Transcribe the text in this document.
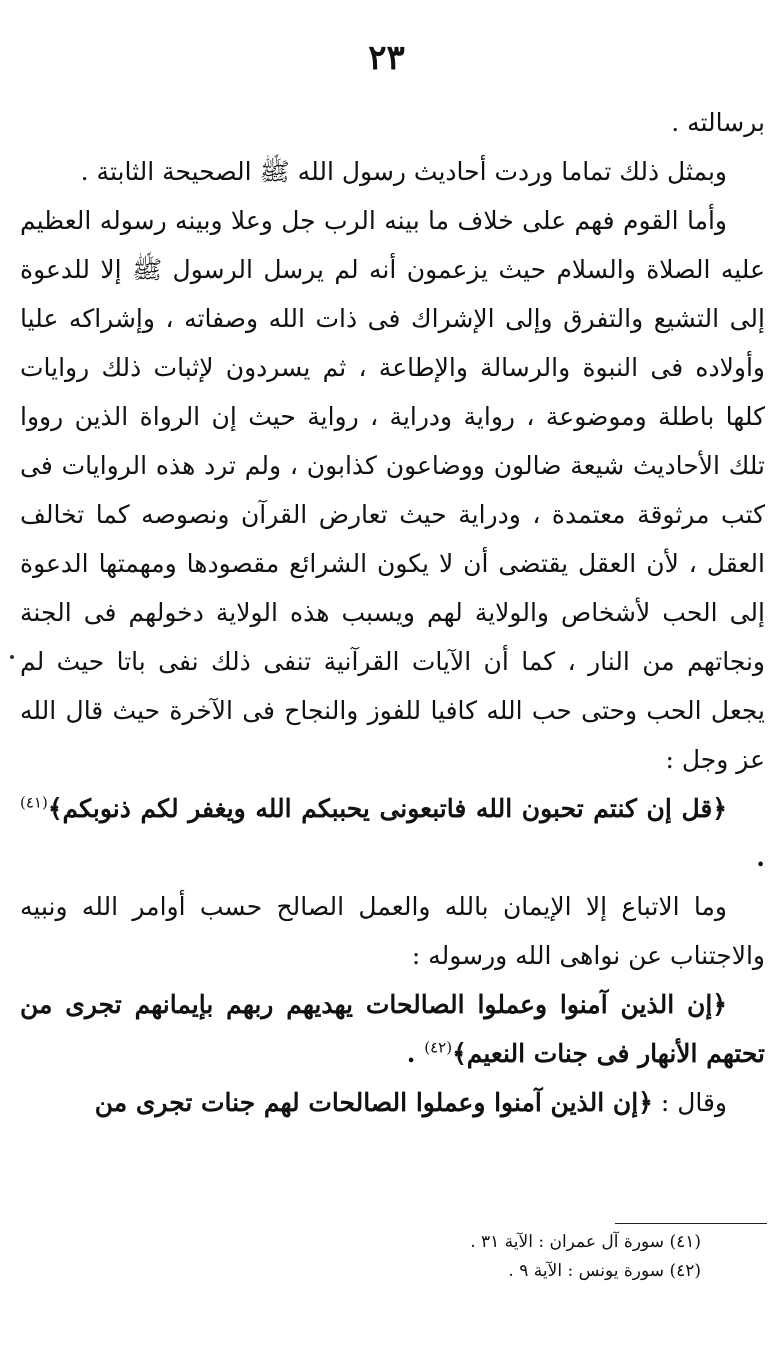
٢٣

برسالته .

وبمثل ذلك تماما وردت أحاديث رسول الله ﷺ الصحيحة الثابتة .

وأما القوم فهم على خلاف ما بينه الرب جل وعلا وبينه رسوله العظيم عليه الصلاة والسلام حيث يزعمون أنه لم يرسل الرسول ﷺ إلا للدعوة إلى التشيع والتفرق وإلى الإشراك فى ذات الله وصفاته ، وإشراكه عليا وأولاده فى النبوة والرسالة والإطاعة ، ثم يسردون لإثبات ذلك روايات كلها باطلة وموضوعة ، رواية ودراية ، رواية حيث إن الرواة الذين رووا تلك الأحاديث شيعة ضالون ووضاعون كذابون ، ولم ترد هذه الروايات فى كتب مرثوقة معتمدة ، ودراية حيث تعارض القرآن ونصوصه كما تخالف العقل ، لأن العقل يقتضى أن لا يكون الشرائع مقصودها ومهمتها الدعوة إلى الحب لأشخاص والولاية لهم ويسبب هذه الولاية دخولهم فى الجنة ونجاتهم من النار ، كما أن الآيات القرآنية تنفى ذلك نفى باتا حيث لم يجعل الحب وحتى حب الله كافيا للفوز والنجاح فى الآخرة حيث قال الله عز وجل :

﴿قل إن كنتم تحبون الله فاتبعونى يحببكم الله ويغفر لكم ذنوبكم﴾$^{(٤١)}$ .

وما الاتباع إلا الإيمان بالله والعمل الصالح حسب أوامر الله ونبيه والاجتناب عن نواهى الله ورسوله :

﴿إن الذين آمنوا وعملوا الصالحات يهديهم ربهم بإيمانهم تجرى من تحتهم الأنهار فى جنات النعيم﴾$^{(٤٢)}$ .

وقال : ﴿إن الذين آمنوا وعملوا الصالحات لهم جنات تجرى من

(٤١) سورة آل عمران : الآية ٣١ .
(٤٢) سورة يونس : الآية ٩ .
